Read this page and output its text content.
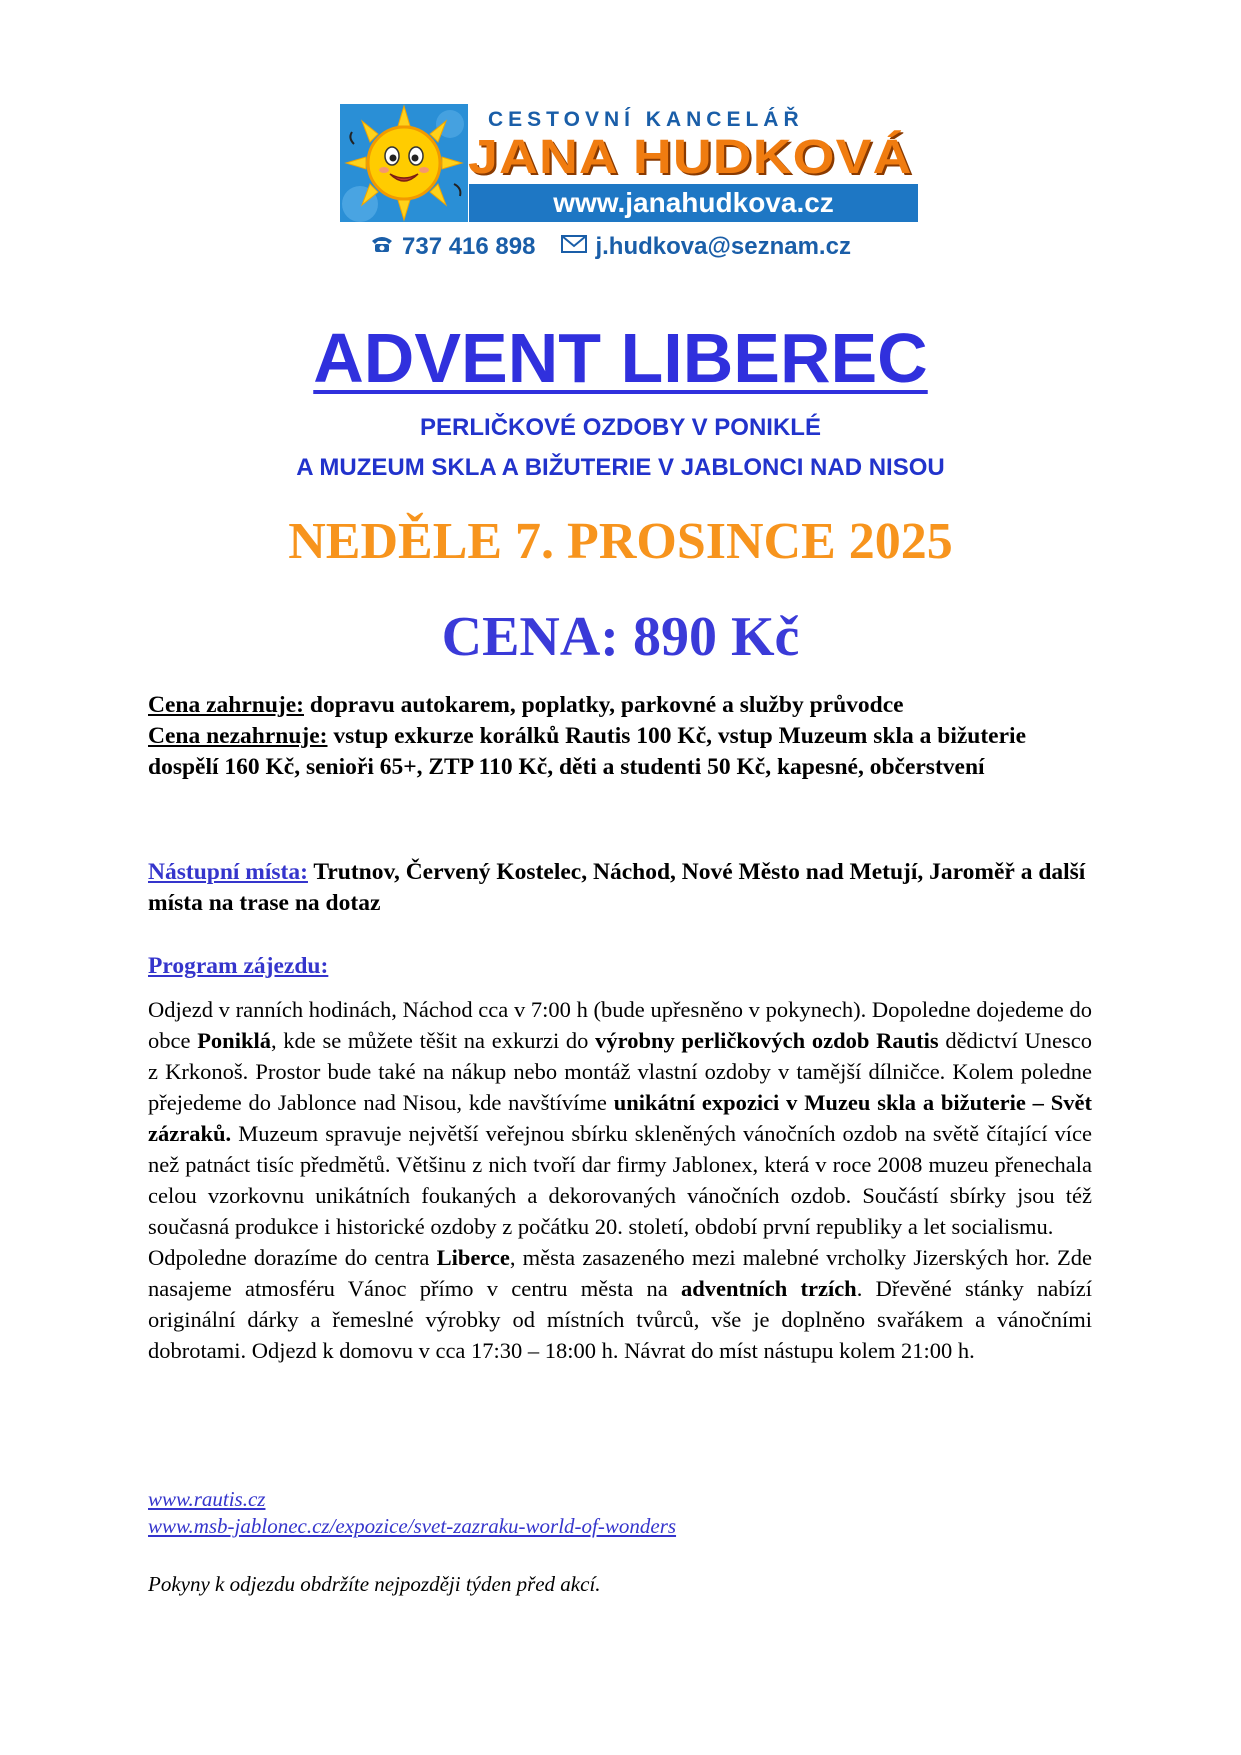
CESTOVNÍ KANCELÁŘ
JANA HUDKOVÁ
www.janahudkova.cz
737 416 898	j.hudkova@seznam.cz
ADVENT LIBEREC
PERLIČKOVÉ OZDOBY V PONIKLÉ
A MUZEUM SKLA A BIŽUTERIE V JABLONCI NAD NISOU
NEDĚLE 7. PROSINCE 2025
CENA: 890 Kč

Cena zahrnuje: dopravu autokarem, poplatky, parkovné a služby průvodce

Cena nezahrnuje: vstup exkurze korálků Rautis 100 Kč, vstup Muzeum skla a bižuterie dospělí 160 Kč, senioři 65+, ZTP 110 Kč, děti a studenti 50 Kč, kapesné, občerstvení

Nástupní místa: Trutnov, Červený Kostelec, Náchod, Nové Město nad Metují, Jaroměř a další místa na trase na dotaz

Program zájezdu:

Odjezd v ranních hodinách, Náchod cca v 7:00 h (bude upřesněno v pokynech). Dopoledne dojedeme do obce Poniklá, kde se můžete těšit na exkurzi do výrobny perličkových ozdob Rautis dědictví Unesco z Krkonoš. Prostor bude také na nákup nebo montáž vlastní ozdoby v tamější dílničce. Kolem poledne přejedeme do Jablonce nad Nisou, kde navštívíme unikátní expozici v Muzeu skla a bižuterie – Svět zázraků. Muzeum spravuje největší veřejnou sbírku skleněných vánočních ozdob na světě čítající více než patnáct tisíc předmětů. Většinu z nich tvoří dar firmy Jablonex, která v roce 2008 muzeu přenechala celou vzorkovnu unikátních foukaných a dekorovaných vánočních ozdob. Součástí sbírky jsou též současná produkce i historické ozdoby z počátku 20. století, období první republiky a let socialismu.

Odpoledne dorazíme do centra Liberce, města zasazeného mezi malebné vrcholky Jizerských hor. Zde nasajeme atmosféru Vánoc přímo v centru města na adventních trzích. Dřevěné stánky nabízí originální dárky a řemeslné výrobky od místních tvůrců, vše je doplněno svařákem a vánočními dobrotami. Odjezd k domovu v cca 17:30 – 18:00 h. Návrat do míst nástupu kolem 21:00 h.

www.rautis.cz
www.msb-jablonec.cz/expozice/svet-zazraku-world-of-wonders
Pokyny k odjezdu obdržíte nejpozději týden před akcí.
